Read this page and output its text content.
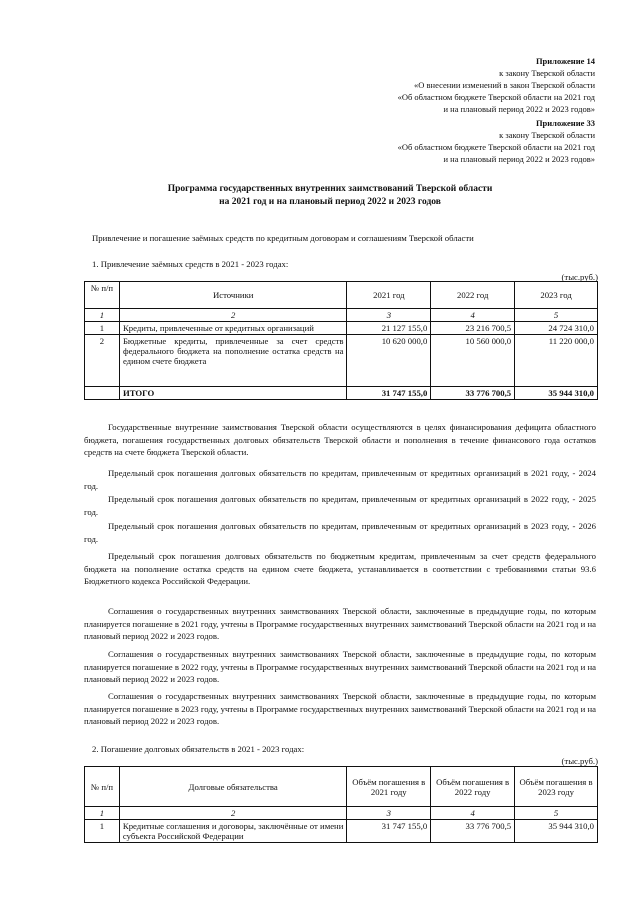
Приложение 14
к закону Тверской области
«О внесении изменений в закон Тверской области
«Об областном бюджете Тверской области на 2021 год
и на плановый период 2022 и 2023 годов»
Приложение 33
к закону Тверской области
«Об областном бюджете Тверской области на 2021 год
и на плановый период 2022 и 2023 годов»
Программа государственных внутренних заимствований Тверской области
на 2021 год и на плановый период 2022 и 2023 годов
Привлечение и погашение заёмных средств по кредитным договорам и соглашениям Тверской области
1. Привлечение заёмных средств в 2021 - 2023 годах:
(тыс.руб.)
№ п/п	Источники	2021 год	2022 год	2023 год
1	2	3	4	5
1	Кредиты, привлеченные от кредитных организаций	21 127 155,0	23 216 700,5	24 724 310,0
2	Бюджетные кредиты, привлеченные за счет средств федерального бюджета на пополнение остатка средств на едином счете бюджета	10 620 000,0	10 560 000,0	11 220 000,0
	ИТОГО	31 747 155,0	33 776 700,5	35 944 310,0
Государственные внутренние заимствования Тверской области осуществляются в целях финансирования дефицита областного бюджета, погашения государственных долговых обязательств Тверской области и пополнения в течение финансового года остатков средств на счете бюджета Тверской области.
Предельный срок погашения долговых обязательств по кредитам, привлеченным от кредитных организаций в 2021 году, - 2024 год.
Предельный срок погашения долговых обязательств по кредитам, привлеченным от кредитных организаций в 2022 году, - 2025 год.
Предельный срок погашения долговых обязательств по кредитам, привлеченным от кредитных организаций в 2023 году, - 2026 год.
Предельный срок погашения долговых обязательств по бюджетным кредитам, привлеченным за счет средств федерального бюджета на пополнение остатка средств на едином счете бюджета, устанавливается в соответствии с требованиями статьи 93.6 Бюджетного кодекса Российской Федерации.
Соглашения о государственных внутренних заимствованиях Тверской области, заключенные в предыдущие годы, по которым планируется погашение в 2021 году, учтены в Программе государственных внутренних заимствований Тверской области на 2021 год и на плановый период 2022 и 2023 годов.
Соглашения о государственных внутренних заимствованиях Тверской области, заключенные в предыдущие годы, по которым планируется погашение в 2022 году, учтены в Программе государственных внутренних заимствований Тверской области на 2021 год и на плановый период 2022 и 2023 годов.
Соглашения о государственных внутренних заимствованиях Тверской области, заключенные в предыдущие годы, по которым планируется погашение в 2023 году, учтены в Программе государственных внутренних заимствований Тверской области на 2021 год и на плановый период 2022 и 2023 годов.
2. Погашение долговых обязательств в 2021 - 2023 годах:
(тыс.руб.)
№ п/п	Долговые обязательства	Объём погашения в 2021 году	Объём погашения в 2022 году	Объём погашения в 2023 году
1	2	3	4	5
1	Кредитные соглашения и договоры, заключённые от имени субъекта Российской Федерации	31 747 155,0	33 776 700,5	35 944 310,0
